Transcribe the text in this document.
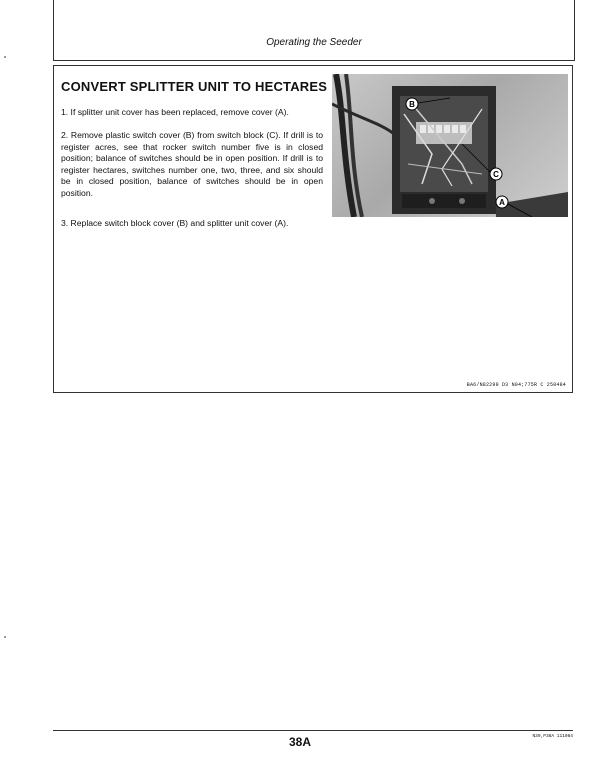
Operating the Seeder
CONVERT SPLITTER UNIT TO HECTARES

1. If splitter unit cover has been replaced, remove cover (A).

2. Remove plastic switch cover (B) from switch block (C). If drill is to register acres, see that rocker switch number five is in closed position; balance of switches should be in open position. If drill is to register hectares, switches number one, two, three, and six should be in closed position, balance of switches should be in open position.

3. Replace switch block cover (B) and splitter unit cover (A).

B
C
A
BA6/N82299 D3 N04;775R C 250484
38A	N30,P38A 111084
